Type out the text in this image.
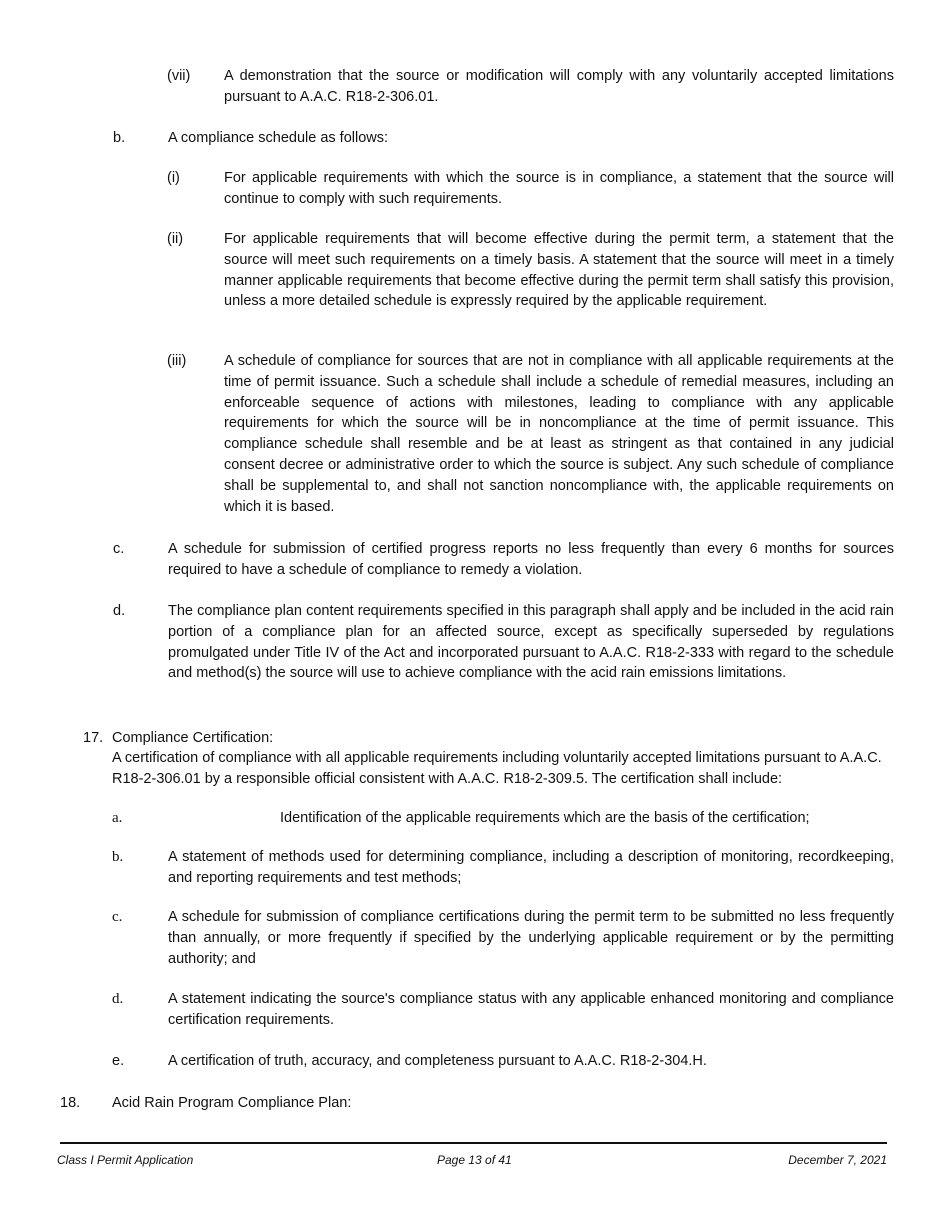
(vii) A demonstration that the source or modification will comply with any voluntarily accepted limitations pursuant to A.A.C. R18-2-306.01.
b.	A compliance schedule as follows:
(i)	For applicable requirements with which the source is in compliance, a statement that the source will continue to comply with such requirements.
(ii)	For applicable requirements that will become effective during the permit term, a statement that the source will meet such requirements on a timely basis. A statement that the source will meet in a timely manner applicable requirements that become effective during the permit term shall satisfy this provision, unless a more detailed schedule is expressly required by the applicable requirement.
(iii)	A schedule of compliance for sources that are not in compliance with all applicable requirements at the time of permit issuance. Such a schedule shall include a schedule of remedial measures, including an enforceable sequence of actions with milestones, leading to compliance with any applicable requirements for which the source will be in noncompliance at the time of permit issuance. This compliance schedule shall resemble and be at least as stringent as that contained in any judicial consent decree or administrative order to which the source is subject. Any such schedule of compliance shall be supplemental to, and shall not sanction noncompliance with, the applicable requirements on which it is based.
c.	A schedule for submission of certified progress reports no less frequently than every 6 months for sources required to have a schedule of compliance to remedy a violation.
d.	The compliance plan content requirements specified in this paragraph shall apply and be included in the acid rain portion of a compliance plan for an affected source, except as specifically superseded by regulations promulgated under Title IV of the Act and incorporated pursuant to A.A.C. R18-2-333 with regard to the schedule and method(s) the source will use to achieve compliance with the acid rain emissions limitations.
17. Compliance Certification:
A certification of compliance with all applicable requirements including voluntarily accepted limitations pursuant to A.A.C. R18-2-306.01 by a responsible official consistent with A.A.C. R18-2-309.5. The certification shall include:
a.	Identification of the applicable requirements which are the basis of the certification;
b.	A statement of methods used for determining compliance, including a description of monitoring, recordkeeping, and reporting requirements and test methods;
c.	A schedule for submission of compliance certifications during the permit term to be submitted no less frequently than annually, or more frequently if specified by the underlying applicable requirement or by the permitting authority; and
d.	A statement indicating the source's compliance status with any applicable enhanced monitoring and compliance certification requirements.
e.	A certification of truth, accuracy, and completeness pursuant to A.A.C. R18-2-304.H.
18. Acid Rain Program Compliance Plan:
Class I Permit Application	Page 13 of 41	December 7, 2021
